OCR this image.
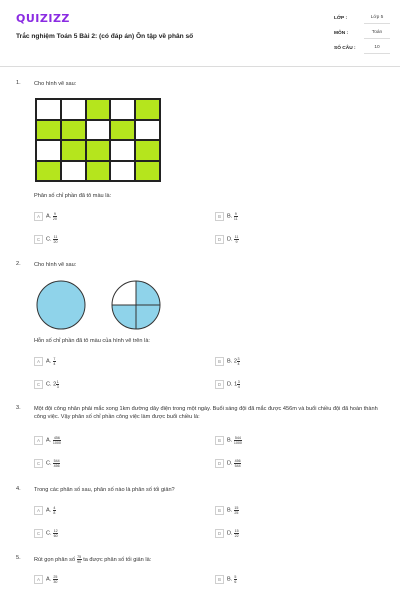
QUIZIZZ
Trắc nghiệm Toán 5 Bài 2: (có đáp án) Ôn tập về phân số
LỚP :	Lớp 5
MÔN :	Toán
SỐ CÂU :	10
1. Cho hình vẽ sau:
Phân số chỉ phần đã tô màu là:
A A. $\frac{9}{20}$	B B. $\frac{9}{11}$
C C. $\frac{11}{20}$	D D. $\frac{11}{9}$
2. Cho hình vẽ sau:
Hỗn số chỉ phần đã tô màu của hình vẽ trên là:
A A. $\frac{7}{4}$	B B. $2 \frac{3}{4}$
C C. $2 \frac{1}{3}$	D D. $1 \frac{3}{4}$
3. Một đội công nhân phải mắc xong 1km đường dây điện trong một ngày. Buổi sáng đội đã mắc được 456m và buổi chiều đội đã hoàn thành công việc. Vậy phân số chỉ phần công việc làm được buổi chiều là:
A A. $\frac{456}{1000}$	B B. $\frac{544}{1000}$
C C. $\frac{544}{456}$	D D. $\frac{456}{544}$
4. Trong các phân số sau, phân số nào là phân số tối giản?
A A. $\frac{4}{8}$	B B. $\frac{15}{25}$
C C. $\frac{12}{60}$	D D. $\frac{15}{22}$
5. Rút gọn phân số $\frac{75}{90}$ ta được phân số tối giản là:
A A. $\frac{25}{30}$	B B. $\frac{5}{6}$
